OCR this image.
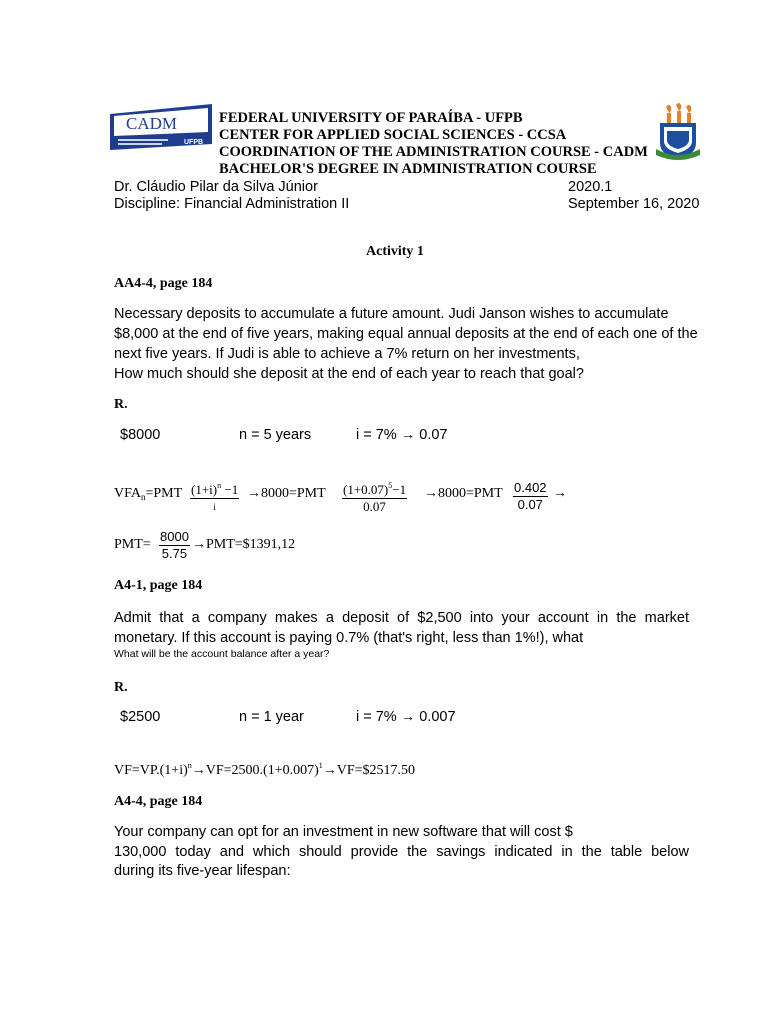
CADM
UFPB
FEDERAL UNIVERSITY OF PARAÍBA - UFPB
CENTER FOR APPLIED SOCIAL SCIENCES - CCSA
COORDINATION OF THE ADMINISTRATION COURSE - CADM
BACHELOR'S DEGREE IN ADMINISTRATION COURSE
Dr. Cláudio Pilar da Silva Júnior	2020.1
Discipline: Financial Administration II	September 16, 2020
Activity 1
AA4-4, page 184
Necessary deposits to accumulate a future amount. Judi Janson wishes to accumulate
$8,000 at the end of five years, making equal annual deposits at the end of each one of the
next five years. If Judi is able to achieve a 7% return on her investments,
How much should she deposit at the end of each year to reach that goal?
R.
$8000	n = 5 years	i = 7% → 0.07
$VFA_n=PMT$ $(1+i)^n -1$
i
$\to 8000=PMT \frac{(1+0.07)^5-1}{0.07} \to 8000=PMT \frac{0.402}{0.07}$ →
$PMT= \frac{8000}{5.75}$ →PMT=$1391,12
A4-1, page 184
Admit that a company makes a deposit of $2,500 into your account in the market
monetary. If this account is paying 0.7% (that's right, less than 1%!), what
What will be the account balance after a year?
R.
$2500	n = 1 year	i = 7% → 0.007
$VF=VP.(1+i)^n\to VF=2500.(1+0.007)^1\to VF=\$2517.50$
A4-4, page 184
Your company can opt for an investment in new software that will cost $
130,000 today and which should provide the savings indicated in the table below
during its five-year lifespan:
